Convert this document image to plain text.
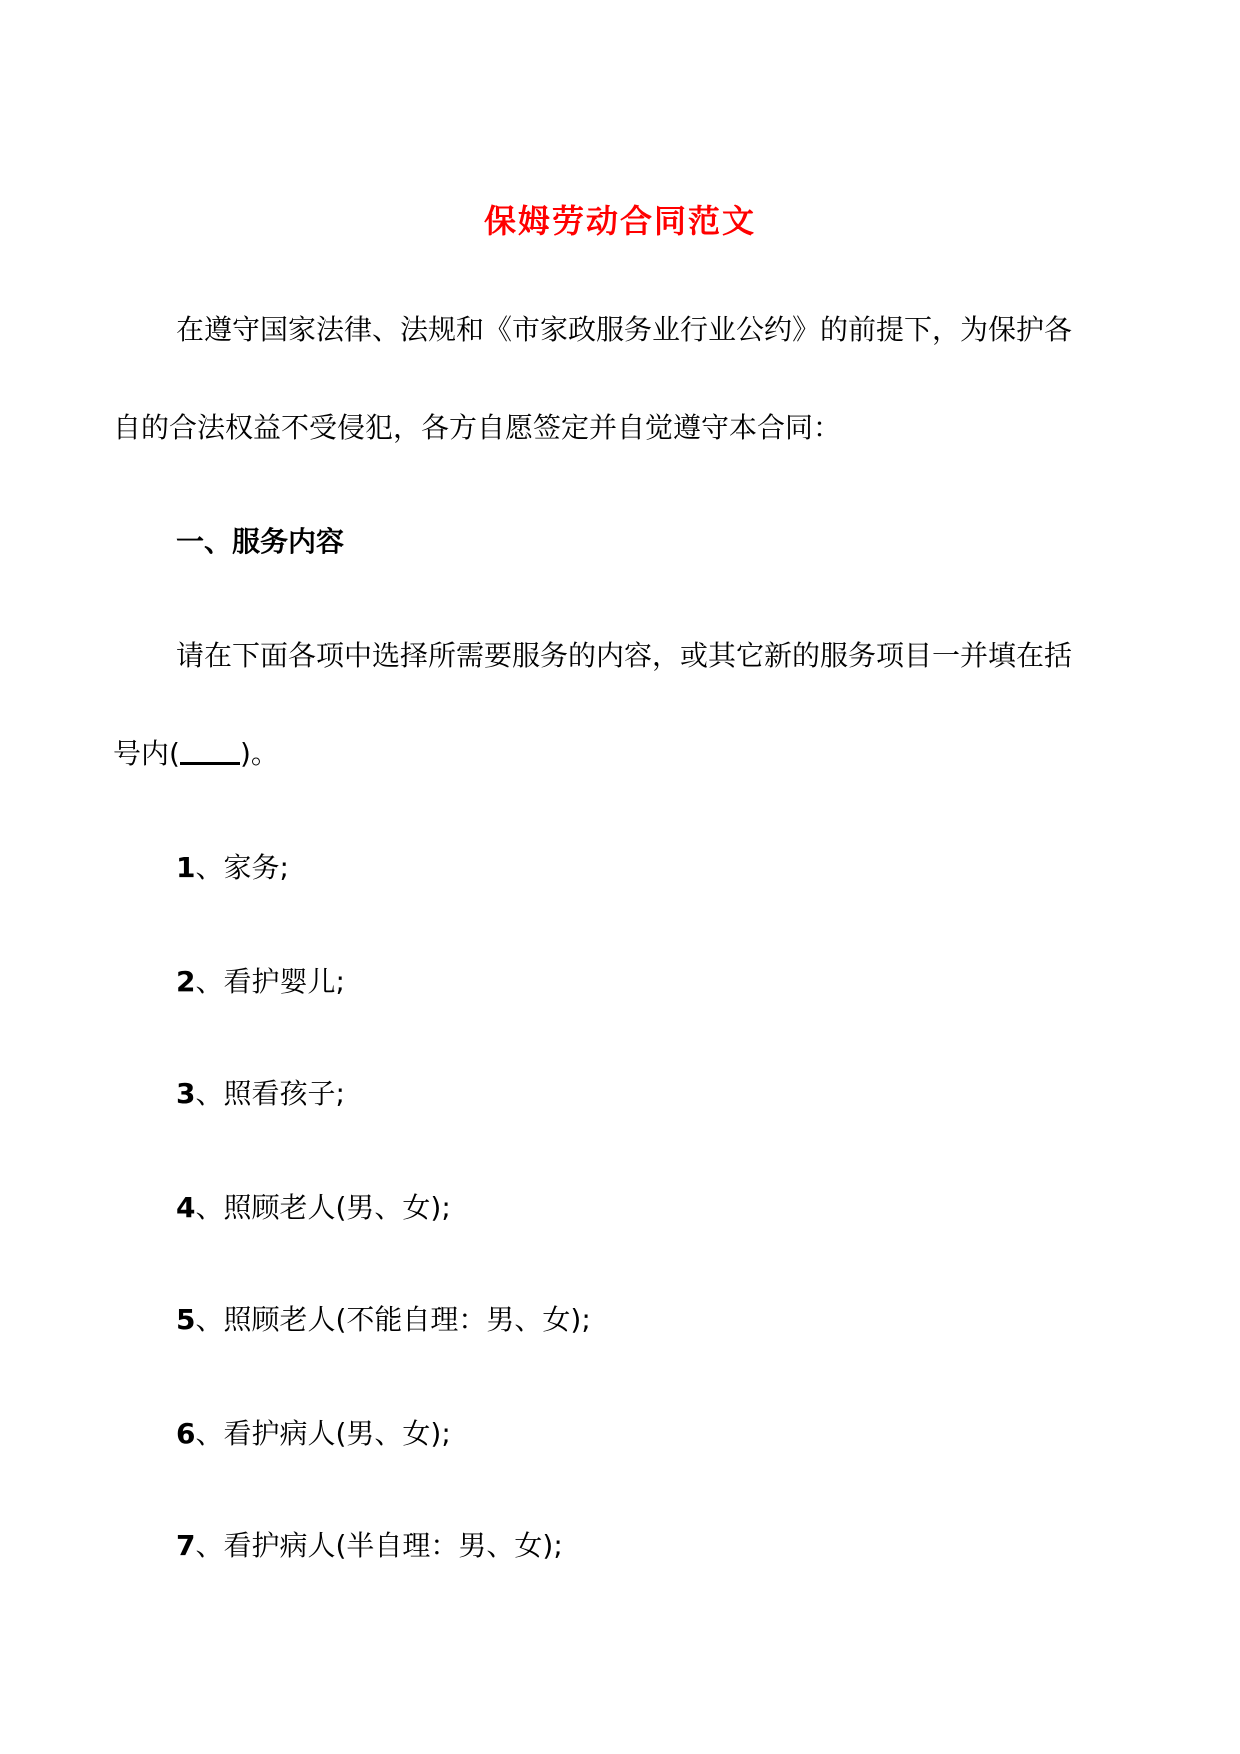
保姆劳动合同范文
在遵守国家法律、法规和《市家政服务业行业公约》的前提下，为保护各
自的合法权益不受侵犯，各方自愿签定并自觉遵守本合同：
一、服务内容
请在下面各项中选择所需要服务的内容，或其它新的服务项目一并填在括
号内( )。
1、家务;
2、看护婴儿;
3、照看孩子;
4、照顾老人(男、女);
5、照顾老人(不能自理：男、女);
6、看护病人(男、女);
7、看护病人(半自理：男、女);
